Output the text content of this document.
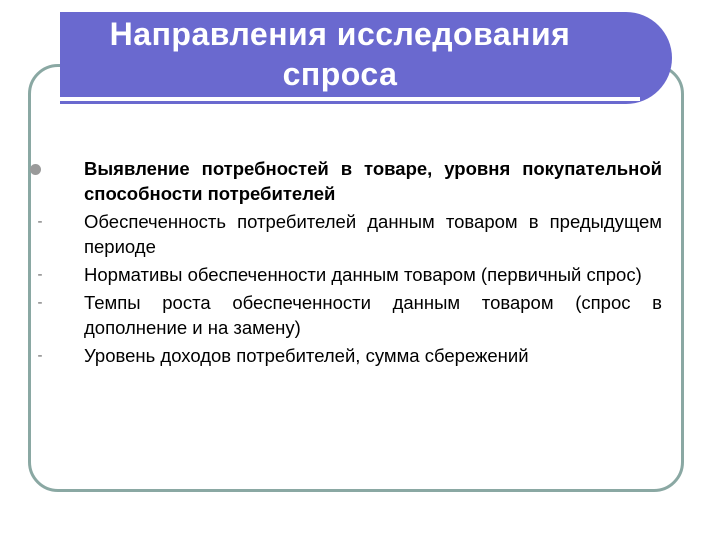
Направления исследования спроса
Выявление потребностей в товаре, уровня покупательной способности потребителей
-	Обеспеченность потребителей данным товаром в предыдущем периоде
-	Нормативы обеспеченности данным товаром (первичный спрос)
-	Темпы роста обеспеченности данным товаром (спрос в дополнение и на замену)
-	Уровень доходов потребителей, сумма сбережений
